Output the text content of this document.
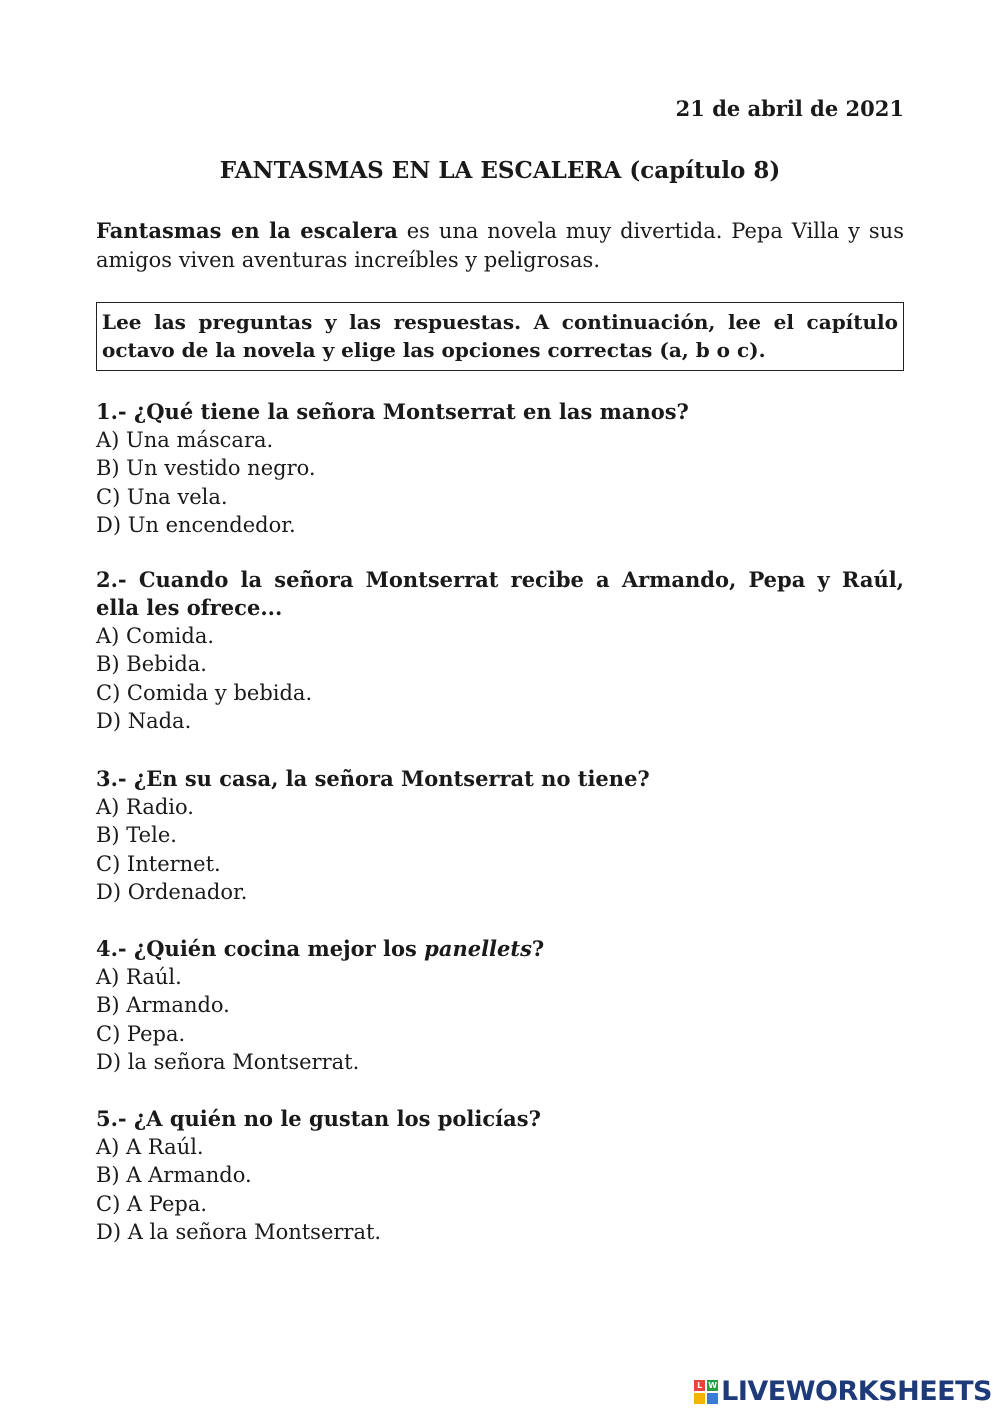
21 de abril de 2021
FANTASMAS EN LA ESCALERA (capítulo 8)
Fantasmas en la escalera es una novela muy divertida. Pepa Villa y sus amigos viven aventuras increíbles y peligrosas.
Lee las preguntas y las respuestas. A continuación, lee el capítulo octavo de la novela y elige las opciones correctas (a, b o c).
1.- ¿Qué tiene la señora Montserrat en las manos?
A) Una máscara.
B) Un vestido negro.
C) Una vela.
D) Un encendedor.
2.- Cuando la señora Montserrat recibe a Armando, Pepa y Raúl, ella les ofrece...
A) Comida.
B) Bebida.
C) Comida y bebida.
D) Nada.
3.- ¿En su casa, la señora Montserrat no tiene?
A) Radio.
B) Tele.
C) Internet.
D) Ordenador.
4.- ¿Quién cocina mejor los panellets?
A) Raúl.
B) Armando.
C) Pepa.
D) la señora Montserrat.
5.- ¿A quién no le gustan los policías?
A) A Raúl.
B) A Armando.
C) A Pepa.
D) A la señora Montserrat.
L W LIVEWORKSHEETS
